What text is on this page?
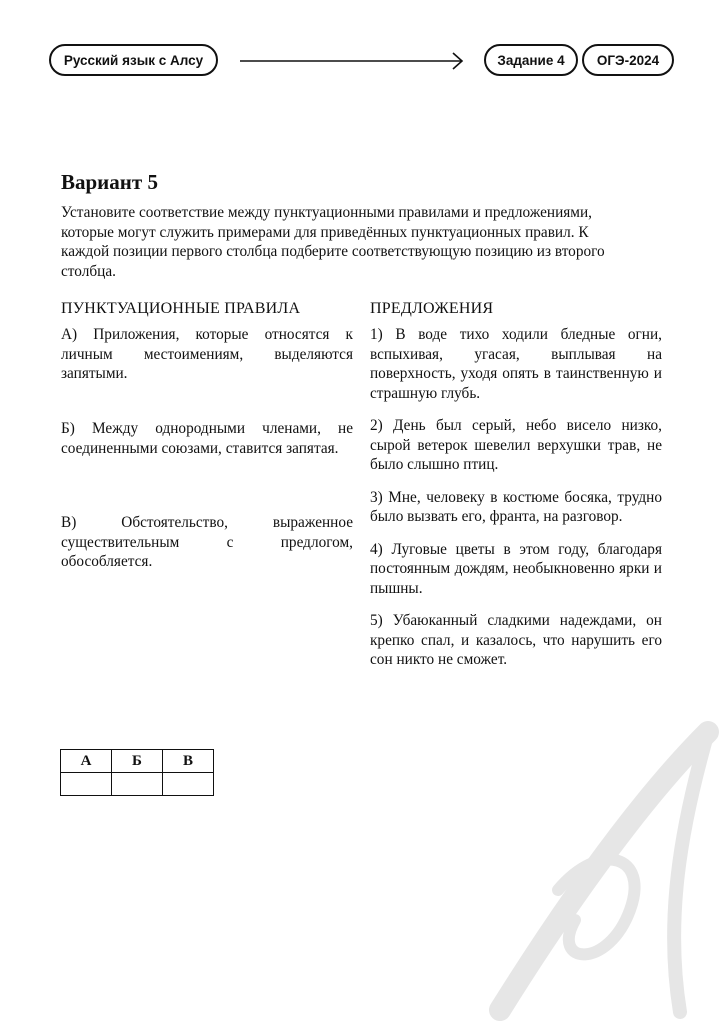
Русский язык с Алсу	Задание 4 ОГЭ-2024
Вариант 5

Установите соответствие между пунктуационными правилами и предложениями, которые могут служить примерами для приведённых пунктуационных правил. К каждой позиции первого столбца подберите соответствующую позицию из второго столбца.

ПУНКТУАЦИОННЫЕ ПРАВИЛА
А) Приложения, которые относятся к личным местоимениям, выделяются запятыми.
Б) Между однородными членами, не соединенными союзами, ставится запятая.
В) Обстоятельство, выраженное существительным с предлогом, обособляется.
ПРЕДЛОЖЕНИЯ
1) В воде тихо ходили бледные огни, вспыхивая, угасая, выплывая на поверхность, уходя опять в таинственную и страшную глубь.
2) День был серый, небо висело низко, сырой ветерок шевелил верхушки трав, не было слышно птиц.
3) Мне, человеку в костюме босяка, трудно было вызвать его, франта, на разговор.
4) Луговые цветы в этом году, благодаря постоянным дождям, необыкновенно ярки и пышны.
5) Убаюканный сладкими надеждами, он крепко спал, и казалось, что нарушить его сон никто не сможет.
А	Б	В
